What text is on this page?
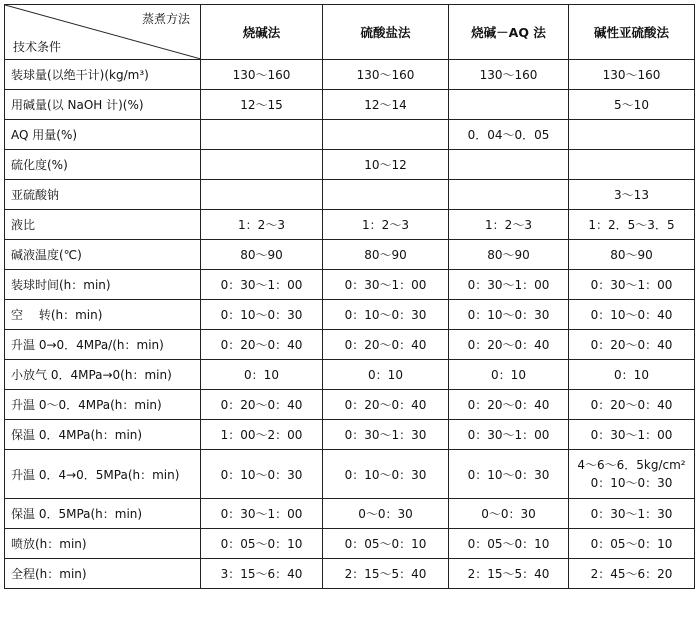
蒸煮方法
技术条件	烧碱法	硫酸盐法	烧碱－AQ 法	碱性亚硫酸法
装球量(以绝干计)(kg/m³)	130～160	130～160	130～160	130～160
用碱量(以 NaOH 计)(%)	12～15	12～14		5～10
AQ 用量(%)			0．04～0．05	
硫化度(%)		10～12		
亚硫酸钠				3～13
液比	1：2～3	1：2～3	1：2～3	1：2．5～3．5
碱液温度(℃)	80～90	80～90	80～90	80～90
装球时间(h：min)	0：30～1：00	0：30～1：00	0：30～1：00	0：30～1：00
空　 转(h：min)	0：10～0：30	0：10～0：30	0：10～0：30	0：10～0：40
升温 0→0．4MPa/(h：min)	0：20～0：40	0：20～0：40	0：20～0：40	0：20～0：40
小放气 0．4MPa→0(h：min)	0：10	0：10	0：10	0：10
升温 0～0．4MPa(h：min)	0：20～0：40	0：20～0：40	0：20～0：40	0：20～0：40
保温 0．4MPa(h：min)	1：00～2：00	0：30～1：30	0：30～1：00	0：30～1：00
升温 0．4→0．5MPa(h：min)	0：10～0：30	0：10～0：30	0：10～0：30	4～6～6．5kg/cm²
0：10～0：30

保温 0．5MPa(h：min)	0：30～1：00	0～0：30	0～0：30	0：30～1：30
喷放(h：min)	0：05～0：10	0：05～0：10	0：05～0：10	0：05～0：10
全程(h：min)	3：15～6：40	2：15～5：40	2：15～5：40	2：45～6：20
